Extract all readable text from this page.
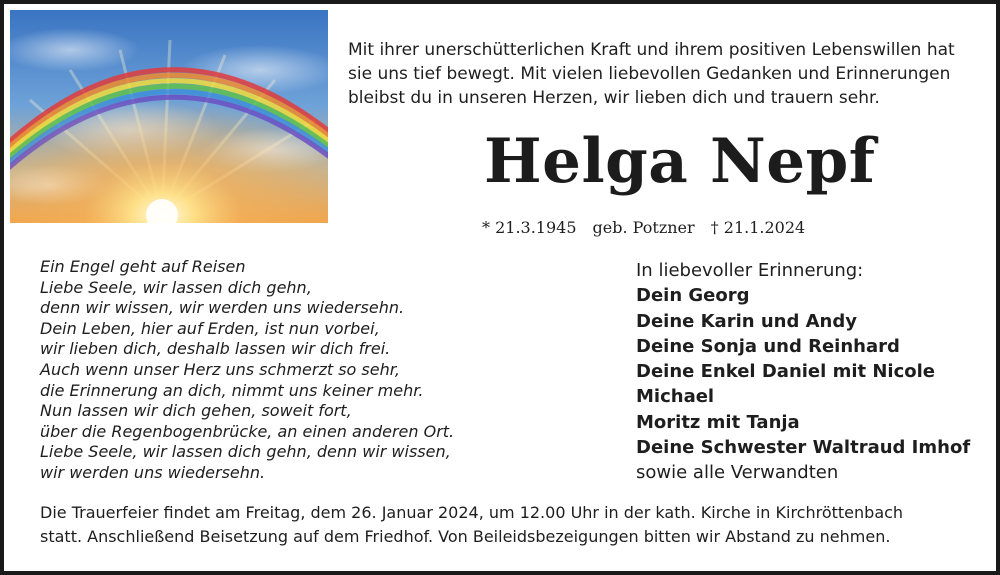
Mit ihrer unerschütterlichen Kraft und ihrem positiven Lebenswillen hat
sie uns tief bewegt. Mit vielen liebevollen Gedanken und Erinnerungen
bleibst du in unseren Herzen, wir lieben dich und trauern sehr.

Helga Nepf
* 21.3.1945 geb. Potzner † 21.1.2024
Ein Engel geht auf Reisen
Liebe Seele, wir lassen dich gehn,
denn wir wissen, wir werden uns wiedersehn.
Dein Leben, hier auf Erden, ist nun vorbei,
wir lieben dich, deshalb lassen wir dich frei.
Auch wenn unser Herz uns schmerzt so sehr,
die Erinnerung an dich, nimmt uns keiner mehr.
Nun lassen wir dich gehen, soweit fort,
über die Regenbogenbrücke, an einen anderen Ort.
Liebe Seele, wir lassen dich gehn, denn wir wissen,
wir werden uns wiedersehn.
In liebevoller Erinnerung:
Dein Georg
Deine Karin und Andy
Deine Sonja und Reinhard
Deine Enkel Daniel mit Nicole
Michael
Moritz mit Tanja
Deine Schwester Waltraud Imhof
sowie alle Verwandten
Die Trauerfeier findet am Freitag, dem 26. Januar 2024, um 12.00 Uhr in der kath. Kirche in Kirchröttenbach
statt. Anschließend Beisetzung auf dem Friedhof. Von Beileidsbezeigungen bitten wir Abstand zu nehmen.
